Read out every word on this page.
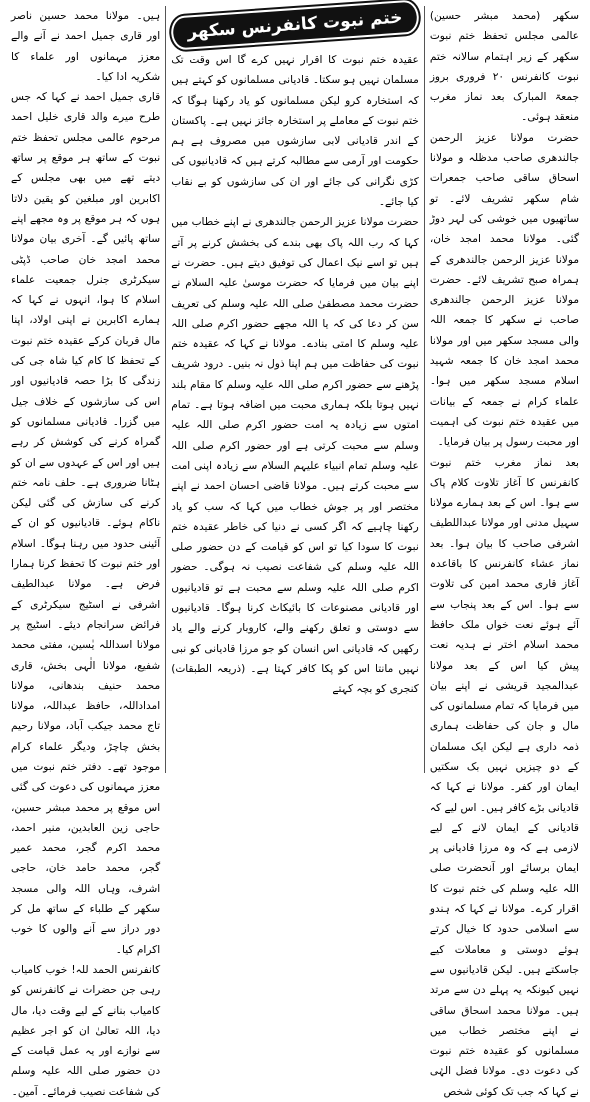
سکھر (محمد مبشر حسین) عالمی مجلس تحفظ ختم نبوت سکھر کے زیر اہتمام سالانہ ختم نبوت کانفرنس ۲۰ فروری بروز جمعۃ المبارک بعد نماز مغرب منعقد ہوئی۔

حضرت مولانا عزیز الرحمن جالندھری صاحب مدظلہ و مولانا اسحاق ساقی صاحب جمعرات شام سکھر تشریف لائے۔ تو ساتھیوں میں خوشی کی لہر دوڑ گئی۔ مولانا محمد امجد خان، مولانا عزیز الرحمن جالندھری کے ہمراہ صبح تشریف لائے۔ حضرت مولانا عزیز الرحمن جالندھری صاحب نے سکھر کا جمعہ اللہ والی مسجد سکھر میں اور مولانا محمد امجد خان کا جمعہ شہید اسلام مسجد سکھر میں ہوا۔ علماء کرام نے جمعہ کے بیانات میں عقیدہ ختم نبوت کی اہمیت اور محبت رسول پر بیان فرمایا۔

بعد نماز مغرب ختم نبوت کانفرنس کا آغاز تلاوت کلام پاک سے ہوا۔ اس کے بعد ہمارے مولانا سہیل مدنی اور مولانا عبداللطیف اشرفی صاحب کا بیان ہوا۔ بعد نماز عشاء کانفرنس کا باقاعدہ آغاز قاری محمد امین کی تلاوت سے ہوا۔ اس کے بعد پنجاب سے آئے ہوئے نعت خواں ملک حافظ محمد اسلام اختر نے ہدیہ نعت پیش کیا اس کے بعد مولانا عبدالمجید قریشی نے اپنے بیان میں فرمایا کہ تمام مسلمانوں کی مال و جان کی حفاظت ہماری ذمہ داری ہے لیکن ایک مسلمان کے دو چیزیں نہیں بک سکتیں ایمان اور کفر۔ مولانا نے کہا کہ قادیانی بڑے کافر ہیں۔ اس لیے کہ قادیانی کے ایمان لانے کے لیے لازمی ہے کہ وہ مرزا قادیانی پر ایمان برسائے اور آنحضرت صلی اللہ علیہ وسلم کی ختم نبوت کا اقرار کرے۔ مولانا نے کہا کہ ہندو سے اسلامی حدود کا خیال کرتے ہوئے دوستی و معاملات کیے جاسکتے ہیں۔ لیکن قادیانیوں سے نہیں کیونکہ یہ پہلے دن سے مرتد ہیں۔ مولانا محمد اسحاق ساقی نے اپنے مختصر خطاب میں مسلمانوں کو عقیدہ ختم نبوت کی دعوت دی۔ مولانا فضل الہٰی نے کہا کہ جب تک کوئی شخص

ختم نبوت کانفرنس سکھر

عقیدہ ختم نبوت کا اقرار نہیں کرے گا اس وقت تک مسلمان نہیں ہو سکتا۔ قادیانی مسلمانوں کو کہتے ہیں کہ استخارہ کرو لیکن مسلمانوں کو یاد رکھنا ہوگا کہ ختم نبوت کے معاملے پر استخارہ جائز نہیں ہے۔ پاکستان کے اندر قادیانی لابی سازشوں میں مصروف ہے ہم حکومت اور آرمی سے مطالبہ کرتے ہیں کہ قادیانیوں کی کڑی نگرانی کی جائے اور ان کی سازشوں کو بے نقاب کیا جائے۔

حضرت مولانا عزیز الرحمن جالندھری نے اپنے خطاب میں کہا کہ رب اللہ پاک بھی بندے کی بخشش کرنے پر آتے ہیں تو اسے نیک اعمال کی توفیق دیتے ہیں۔ حضرت نے اپنے بیان میں فرمایا کہ حضرت موسیٰ علیہ السلام نے حضرت محمد مصطفیٰ صلی اللہ علیہ وسلم کی تعریف سن کر دعا کی کہ یا اللہ مجھے حضور اکرم صلی اللہ علیہ وسلم کا امتی بنادے۔ مولانا نے کہا کہ عقیدہ ختم نبوت کی حفاظت میں ہم اپنا ذول نہ بنیں۔ درود شریف پڑھنے سے حضور اکرم صلی اللہ علیہ وسلم کا مقام بلند نہیں ہوتا بلکہ ہماری محبت میں اضافہ ہوتا ہے۔ تمام امتوں سے زیادہ یہ امت حضور اکرم صلی اللہ علیہ وسلم سے محبت کرتی ہے اور حضور اکرم صلی اللہ علیہ وسلم تمام انبیاء علیہم السلام سے زیادہ اپنی امت سے محبت کرتے ہیں۔ مولانا قاضی احسان احمد نے اپنے مختصر اور پر جوش خطاب میں کہا کہ سب کو یاد رکھنا چاہیے کہ اگر کسی نے دنیا کی خاطر عقیدہ ختم نبوت کا سودا کیا تو اس کو قیامت کے دن حضور صلی اللہ علیہ وسلم کی شفاعت نصیب نہ ہوگی۔ حضور اکرم صلی اللہ علیہ وسلم سے محبت ہے تو قادیانیوں اور قادیانی مصنوعات کا بائیکاٹ کرنا ہوگا۔ قادیانیوں سے دوستی و تعلق رکھنے والے، کاروبار کرنے والے یاد رکھیں کہ قادیانی اس انسان کو جو مرزا قادیانی کو نبی نہیں مانتا اس کو پکا کافر کہتا ہے۔ (ذریعہ الطبقات) کنجری کو بچہ کہتے

ہیں۔ مولانا محمد حسین ناصر اور قاری جمیل احمد نے آنے والے معزز مہمانوں اور علماء کا شکریہ ادا کیا۔

قاری جمیل احمد نے کہا کہ جس طرح میرے والد قاری خلیل احمد مرحوم عالمی مجلس تحفظ ختم نبوت کے ساتھ ہر موقع پر ساتھ دیتے تھے میں بھی مجلس کے اکابرین اور مبلغین کو یقین دلاتا ہوں کہ ہر موقع پر وہ مجھے اپنے ساتھ پائیں گے۔ آخری بیان مولانا محمد امجد خان صاحب ڈپٹی سیکرٹری جنرل جمعیت علماء اسلام کا ہوا، انہوں نے کہا کہ ہمارے اکابرین نے اپنی اولاد، اپنا مال قربان کرکے عقیدہ ختم نبوت کے تحفظ کا کام کیا شاہ جی کی زندگی کا بڑا حصہ قادیانیوں اور اس کی سازشوں کے خلاف جیل میں گزرا۔ قادیانی مسلمانوں کو گمراہ کرنے کی کوشش کر رہے ہیں اور اس کے عہدوں سے ان کو ہٹانا ضروری ہے۔ حلف نامہ ختم کرنے کی سازش کی گئی لیکن ناکام ہوئے۔ قادیانیوں کو ان کے آئینی حدود میں رہنا ہوگا۔ اسلام اور ختم نبوت کا تحفظ کرنا ہمارا فرض ہے۔ مولانا عبدالطیف اشرفی نے اسٹیج سیکرٹری کے فرائض سرانجام دیئے۔ اسٹیج پر مولانا اسداللہ یٰسین، مفتی محمد شفیع، مولانا الٰہی بخش، قاری محمد حنیف بندھانی، مولانا امداداللہ، حافظ عبداللہ، مولانا تاج محمد جیکب آباد، مولانا رحیم بخش چاچڑ، ودیگر علماء کرام موجود تھے۔ دفتر ختم نبوت میں معزز مہمانوں کی دعوت کی گئی اس موقع پر محمد مبشر حسین، حاجی زین العابدین، منیر احمد، محمد اکرم گجر، محمد عمیر گجر، محمد حامد خان، حاجی اشرف، وہاں اللہ والی مسجد سکھر کے طلباء کے ساتھ مل کر دور دراز سے آنے والوں کا خوب اکرام کیا۔

کانفرنس الحمد للہ! خوب کامیاب رہی جن حضرات نے کانفرنس کو کامیاب بنانے کے لیے وقت دیا، مال دیا، اللہ تعالیٰ ان کو اجر عظیم سے نوازے اور یہ عمل قیامت کے دن حضور صلی اللہ علیہ وسلم کی شفاعت نصیب فرمائے۔ آمین۔
